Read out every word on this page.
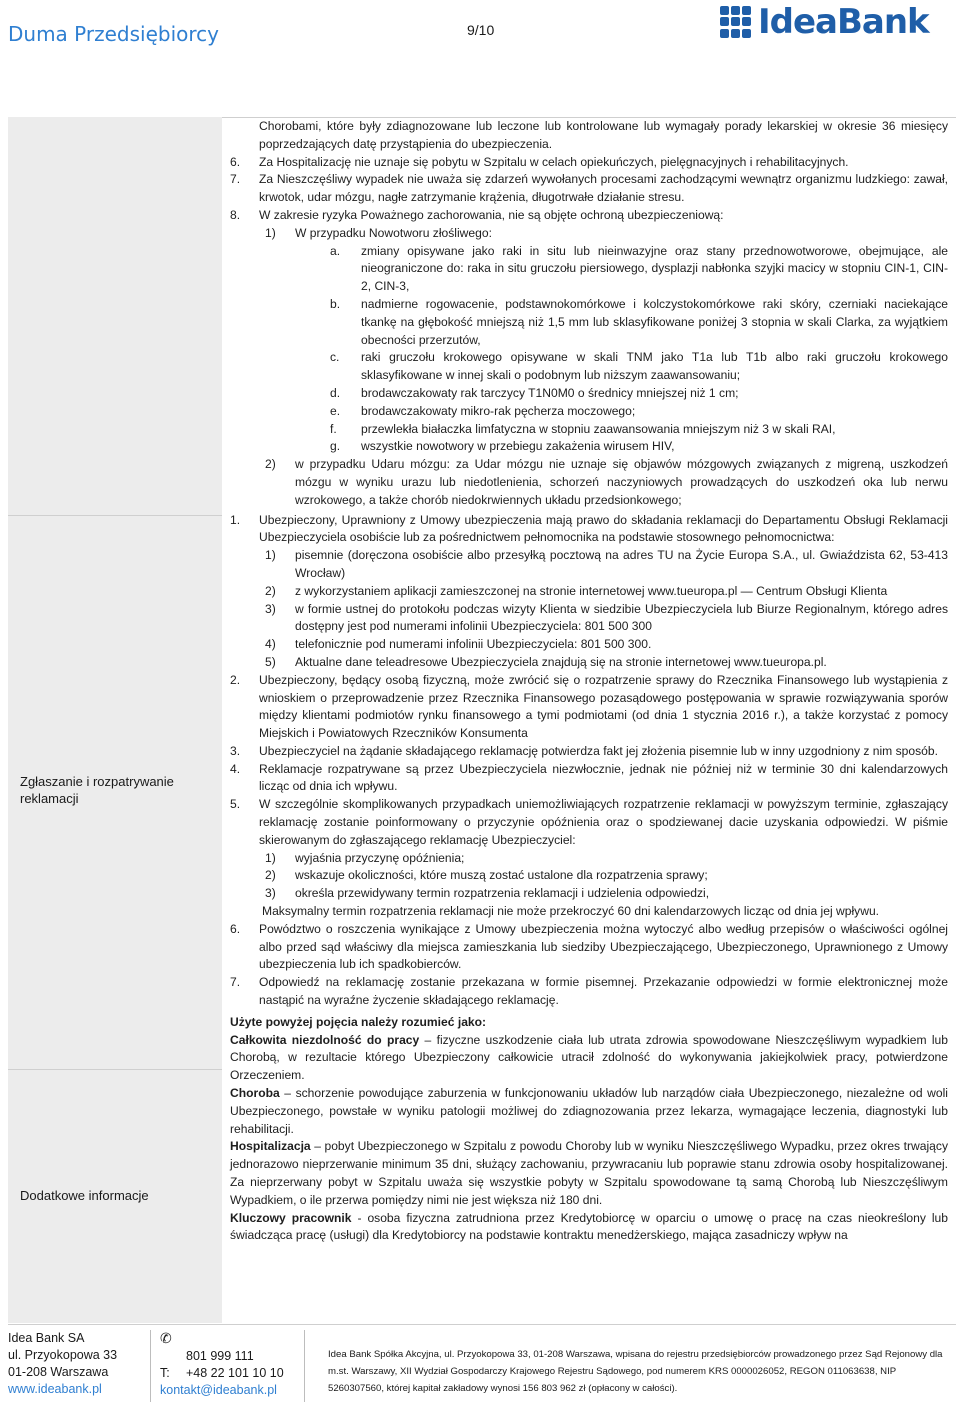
Duma Przedsiębiorcy	9/10	IdeaBank
Zgłaszanie i rozpatrywanie reklamacji
Dodatkowe informacje

Chorobami, które były zdiagnozowane lub leczone lub kontrolowane lub wymagały porady lekarskiej w okresie 36 miesięcy poprzedzających datę przystąpienia do ubezpieczenia.

6.	Za Hospitalizację nie uznaje się pobytu w Szpitalu w celach opiekuńczych, pielęgnacyjnych i rehabilitacyjnych.
7.	Za Nieszczęśliwy wypadek nie uważa się zdarzeń wywołanych procesami zachodzącymi wewnątrz organizmu ludzkiego: zawał, krwotok, udar mózgu, nagłe zatrzymanie krążenia, długotrwałe działanie stresu.
8.	W zakresie ryzyka Poważnego zachorowania, nie są objęte ochroną ubezpieczeniową:
1)	W przypadku Nowotworu złośliwego:
a.	zmiany opisywane jako raki in situ lub nieinwazyjne oraz stany przednowotworowe, obejmujące, ale nieograniczone do: raka in situ gruczołu piersiowego, dysplazji nabłonka szyjki macicy w stopniu CIN-1, CIN-2, CIN-3,
b.	nadmierne rogowacenie, podstawnokomórkowe i kolczystokomórkowe raki skóry, czerniaki naciekające tkankę na głębokość mniejszą niż 1,5 mm lub sklasyfikowane poniżej 3 stopnia w skali Clarka, za wyjątkiem obecności przerzutów,
c.	raki gruczołu krokowego opisywane w skali TNM jako T1a lub T1b albo raki gruczołu krokowego sklasyfikowane w innej skali o podobnym lub niższym zaawansowaniu;
d.	brodawczakowaty rak tarczycy T1N0M0 o średnicy mniejszej niż 1 cm;
e.	brodawczakowaty mikro-rak pęcherza moczowego;
f.	przewlekła białaczka limfatyczna w stopniu zaawansowania mniejszym niż 3 w skali RAI,
g.	wszystkie nowotwory w przebiegu zakażenia wirusem HIV,
2)	w przypadku Udaru mózgu: za Udar mózgu nie uznaje się objawów mózgowych związanych z migreną, uszkodzeń mózgu w wyniku urazu lub niedotlenienia, schorzeń naczyniowych prowadzących do uszkodzeń oka lub nerwu wzrokowego, a także chorób niedokrwiennych układu przedsionkowego;
1.	Ubezpieczony, Uprawniony z Umowy ubezpieczenia mają prawo do składania reklamacji do Departamentu Obsługi Reklamacji Ubezpieczyciela osobiście lub za pośrednictwem pełnomocnika na podstawie stosownego pełnomocnictwa:
1)	pisemnie (doręczona osobiście albo przesyłką pocztową na adres TU na Życie Europa S.A., ul. Gwiaździsta 62, 53-413 Wrocław)
2)	z wykorzystaniem aplikacji zamieszczonej na stronie internetowej www.tueuropa.pl — Centrum Obsługi Klienta
3)	w formie ustnej do protokołu podczas wizyty Klienta w siedzibie Ubezpieczyciela lub Biurze Regionalnym, którego adres dostępny jest pod numerami infolinii Ubezpieczyciela: 801 500 300
4)	telefonicznie pod numerami infolinii Ubezpieczyciela: 801 500 300.
5)	Aktualne dane teleadresowe Ubezpieczyciela znajdują się na stronie internetowej www.tueuropa.pl.
2.	Ubezpieczony, będący osobą fizyczną, może zwrócić się o rozpatrzenie sprawy do Rzecznika Finansowego lub wystąpienia z wnioskiem o przeprowadzenie przez Rzecznika Finansowego pozasądowego postępowania w sprawie rozwiązywania sporów między klientami podmiotów rynku finansowego a tymi podmiotami (od dnia 1 stycznia 2016 r.), a także korzystać z pomocy Miejskich i Powiatowych Rzeczników Konsumenta
3.	Ubezpieczyciel na żądanie składającego reklamację potwierdza fakt jej złożenia pisemnie lub w inny uzgodniony z nim sposób.
4.	Reklamacje rozpatrywane są przez Ubezpieczyciela niezwłocznie, jednak nie później niż w terminie 30 dni kalendarzowych licząc od dnia ich wpływu.
5.	W szczególnie skomplikowanych przypadkach uniemożliwiających rozpatrzenie reklamacji w powyższym terminie, zgłaszający reklamację zostanie poinformowany o przyczynie opóźnienia oraz o spodziewanej dacie uzyskania odpowiedzi. W piśmie skierowanym do zgłaszającego reklamację Ubezpieczyciel:
1)	wyjaśnia przyczynę opóźnienia;
2)	wskazuje okoliczności, które muszą zostać ustalone dla rozpatrzenia sprawy;
3)	określa przewidywany termin rozpatrzenia reklamacji i udzielenia odpowiedzi,

Maksymalny termin rozpatrzenia reklamacji nie może przekroczyć 60 dni kalendarzowych licząc od dnia jej wpływu.

6.	Powództwo o roszczenia wynikające z Umowy ubezpieczenia można wytoczyć albo według przepisów o właściwości ogólnej albo przed sąd właściwy dla miejsca zamieszkania lub siedziby Ubezpieczającego, Ubezpieczonego, Uprawnionego z Umowy ubezpieczenia lub ich spadkobierców.
7.	Odpowiedź na reklamację zostanie przekazana w formie pisemnej. Przekazanie odpowiedzi w formie elektronicznej może nastąpić na wyraźne życzenie składającego reklamację.

Użyte powyżej pojęcia należy rozumieć jako:

Całkowita niezdolność do pracy – fizyczne uszkodzenie ciała lub utrata zdrowia spowodowane Nieszczęśliwym wypadkiem lub Chorobą, w rezultacie którego Ubezpieczony całkowicie utracił zdolność do wykonywania jakiejkolwiek pracy, potwierdzone Orzeczeniem.

Choroba – schorzenie powodujące zaburzenia w funkcjonowaniu układów lub narządów ciała Ubezpieczonego, niezależne od woli Ubezpieczonego, powstałe w wyniku patologii możliwej do zdiagnozowania przez lekarza, wymagające leczenia, diagnostyki lub rehabilitacji.

Hospitalizacja – pobyt Ubezpieczonego w Szpitalu z powodu Choroby lub w wyniku Nieszczęśliwego Wypadku, przez okres trwający jednorazowo nieprzerwanie minimum 35 dni, służący zachowaniu, przywracaniu lub poprawie stanu zdrowia osoby hospitalizowanej. Za nieprzerwany pobyt w Szpitalu uważa się wszystkie pobyty w Szpitalu spowodowane tą samą Chorobą lub Nieszczęśliwym Wypadkiem, o ile przerwa pomiędzy nimi nie jest większa niż 180 dni.

Kluczowy pracownik - osoba fizyczna zatrudniona przez Kredytobiorcę w oparciu o umowę o pracę na czas nieokreślony lub świadcząca pracę (usługi) dla Kredytobiorcy na podstawie kontraktu menedżerskiego, mająca zasadniczy wpływ na

Idea Bank SA
ul. Przyokopowa 33
01-208 Warszawa
www.ideabank.pl
✆
801 999 111
T:	+48 22 101 10 10
kontakt@ideabank.pl
Idea Bank Spółka Akcyjna, ul. Przyokopowa 33, 01-208 Warszawa, wpisana do rejestru przedsiębiorców prowadzonego przez Sąd Rejonowy dla m.st. Warszawy, XII Wydział Gospodarczy Krajowego Rejestru Sądowego, pod numerem KRS 0000026052, REGON 011063638, NIP 5260307560, której kapitał zakładowy wynosi 156 803 962 zł (opłacony w całości).
